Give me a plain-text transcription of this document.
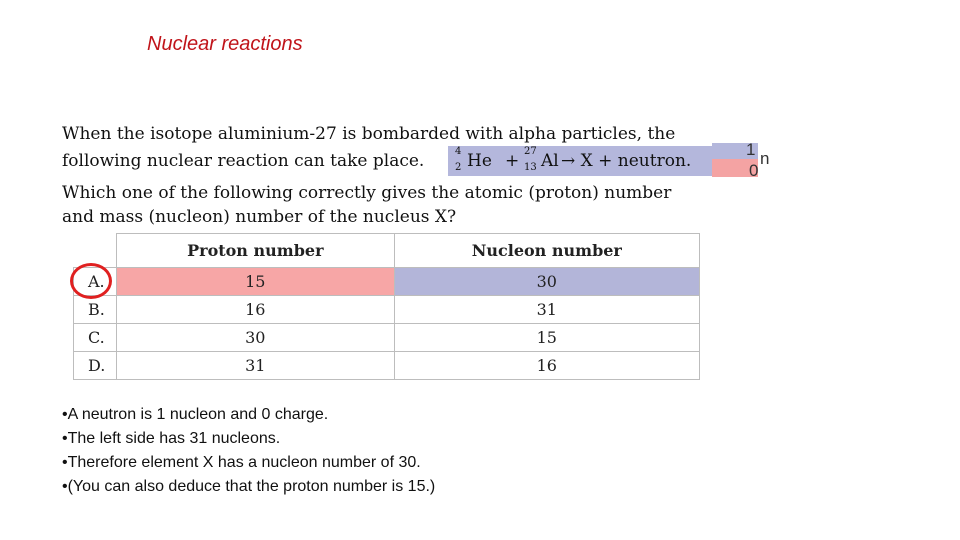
Nuclear reactions
When the isotope aluminium-27 is bombarded with alpha particles, the
following nuclear reaction can take place.	4
2 He + 27
13 Al → X + neutron.
1
0
n
Which one of the following correctly gives the atomic (proton) number
and mass (nucleon) number of the nucleus X?
	Proton number	Nucleon number
A.	15	30
B.	16	31
C.	30	15
D.	31	16
•A neutron is 1 nucleon and 0 charge.
•The left side has 31 nucleons.
•Therefore element X has a nucleon number of 30.
•(You can also deduce that the proton number is 15.)
